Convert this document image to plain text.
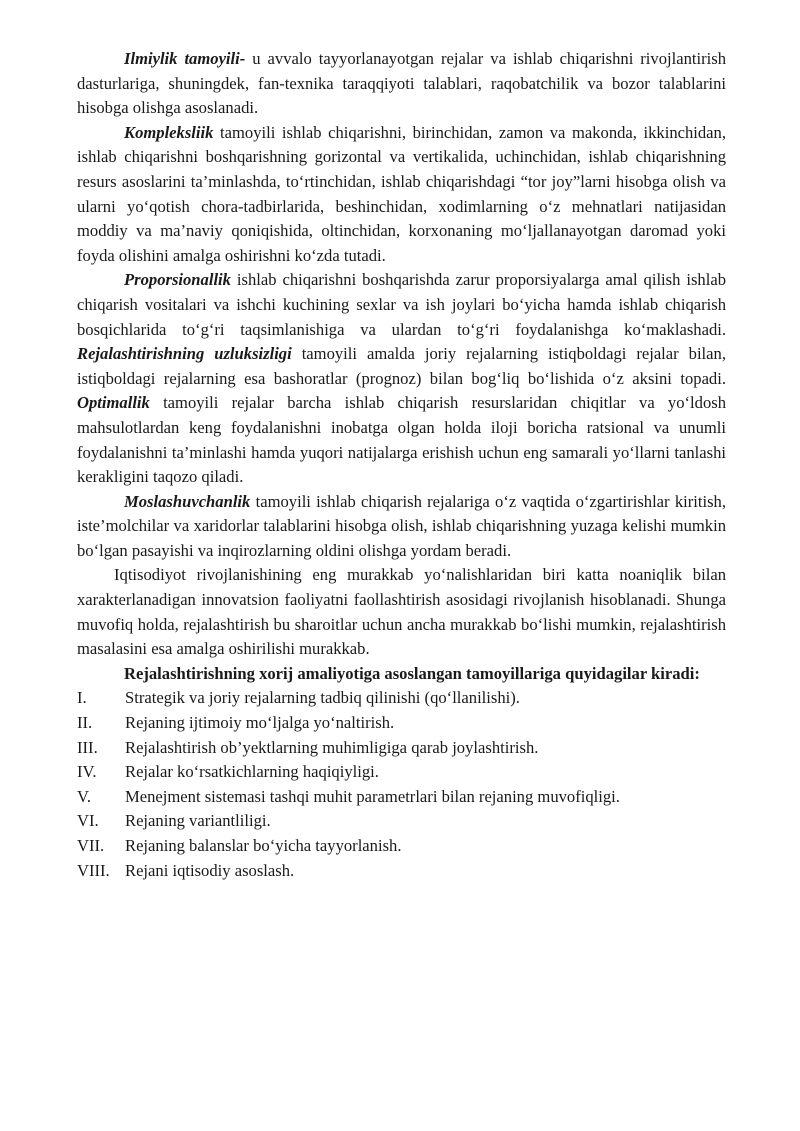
Ilmiylik tamoyili- u avvalo tayyorlanayotgan rejalar va ishlab chiqarishni rivojlantirish dasturlariga, shuningdek, fan-texnika taraqqiyoti talablari, raqobatchilik va bozor talablarini hisobga olishga asoslanadi.

Kompleksliik tamoyili ishlab chiqarishni, birinchidan, zamon va makonda, ikkinchidan, ishlab chiqarishni boshqarishning gorizontal va vertikalida, uchinchidan, ishlab chiqarishning resurs asoslarini ta’minlashda, to‘rtinchidan, ishlab chiqarishdagi “tor joy”larni hisobga olish va ularni yo‘qotish chora-tadbirlarida, beshinchidan, xodimlarning o‘z mehnatlari natijasidan moddiy va ma’naviy qoniqishida, oltinchidan, korxonaning mo‘ljallanayotgan daromad yoki foyda olishini amalga oshirishni ko‘zda tutadi.

Proporsionallik ishlab chiqarishni boshqarishda zarur proporsiyalarga amal qilish ishlab chiqarish vositalari va ishchi kuchining sexlar va ish joylari bo‘yicha hamda ishlab chiqarish bosqichlarida to‘g‘ri taqsimlanishiga va ulardan to‘g‘ri foydalanishga ko‘maklashadi. Rejalashtirishning uzluksizligi tamoyili amalda joriy rejalarning istiqboldagi rejalar bilan, istiqboldagi rejalarning esa bashoratlar (prognoz) bilan bog‘liq bo‘lishida o‘z aksini topadi. Optimallik tamoyili rejalar barcha ishlab chiqarish resurslaridan chiqitlar va yo‘ldosh mahsulotlardan keng foydalanishni inobatga olgan holda iloji boricha ratsional va unumli foydalanishni ta’minlashi hamda yuqori natijalarga erishish uchun eng samarali yo‘llarni tanlashi kerakligini taqozo qiladi.

Moslashuvchanlik tamoyili ishlab chiqarish rejalariga o‘z vaqtida o‘zgartirishlar kiritish, iste’molchilar va xaridorlar talablarini hisobga olish, ishlab chiqarishning yuzaga kelishi mumkin bo‘lgan pasayishi va inqirozlarning oldini olishga yordam beradi.

Iqtisodiyot rivojlanishining eng murakkab yo‘nalishlaridan biri katta noaniqlik bilan xarakterlanadigan innovatsion faoliyatni faollashtirish asosidagi rivojlanish hisoblanadi. Shunga muvofiq holda, rejalashtirish bu sharoitlar uchun ancha murakkab bo‘lishi mumkin, rejalashtirish masalasini esa amalga oshirilishi murakkab.

Rejalashtirishning xorij amaliyotiga asoslangan tamoyillariga quyidagilar kiradi:

I.	Strategik va joriy rejalarning tadbiq qilinishi (qo‘llanilishi).
II.	Rejaning ijtimoiy mo‘ljalga yo‘naltirish.
III.	Rejalashtirish ob’yektlarning muhimligiga qarab joylashtirish.
IV.	Rejalar ko‘rsatkichlarning haqiqiyligi.
V.	Menejment sistemasi tashqi muhit parametrlari bilan rejaning muvofiqligi.
VI.	Rejaning variantliligi.
VII.	Rejaning balanslar bo‘yicha tayyorlanish.
VIII. Rejani iqtisodiy asoslash.
